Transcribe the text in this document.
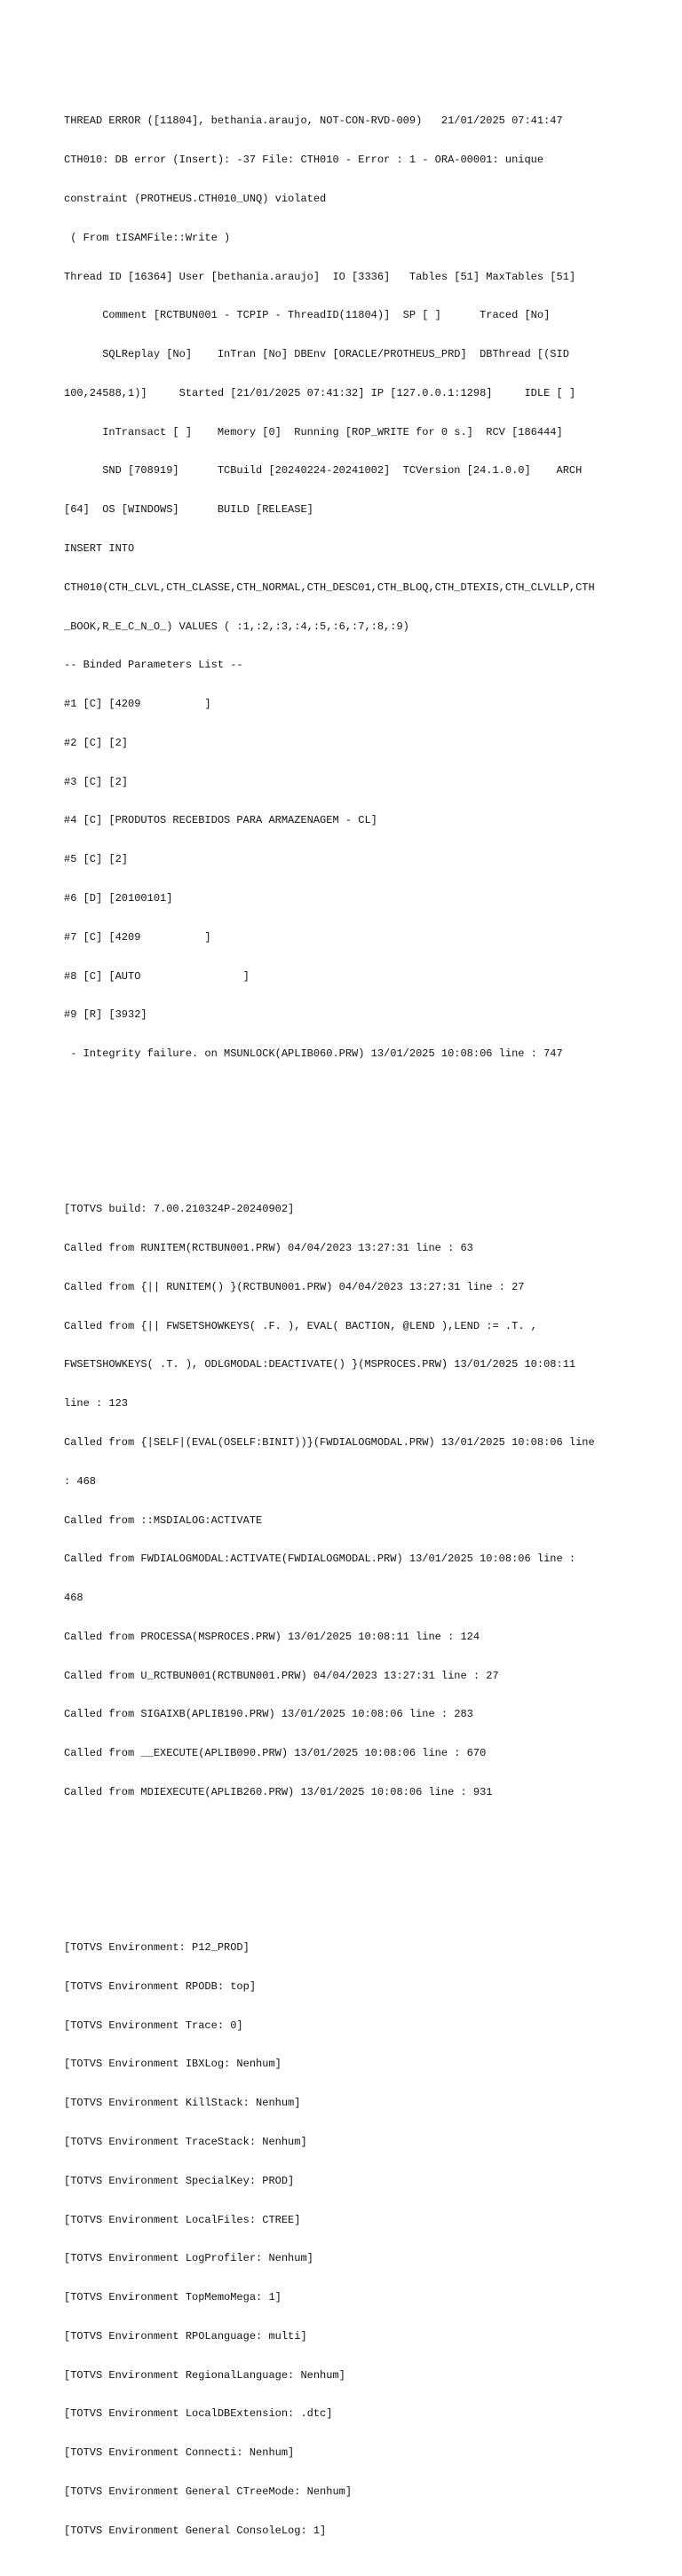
THREAD ERROR ([11804], bethania.araujo, NOT-CON-RVD-009)   21/01/2025 07:41:47

CTH010: DB error (Insert): -37 File: CTH010 - Error : 1 - ORA-00001: unique

constraint (PROTHEUS.CTH010_UNQ) violated

( From tISAMFile::Write )

Thread ID [16364] User [bethania.araujo]  IO [3336]   Tables [51] MaxTables [51]

Comment [RCTBUN001 - TCPIP - ThreadID(11804)]  SP [ ]      Traced [No]

SQLReplay [No]    InTran [No] DBEnv [ORACLE/PROTHEUS_PRD]  DBThread [(SID

100,24588,1)]     Started [21/01/2025 07:41:32] IP [127.0.0.1:1298]     IDLE [ ]

InTransact [ ]    Memory [0]  Running [ROP_WRITE for 0 s.]  RCV [186444]

SND [708919]      TCBuild [20240224-20241002]  TCVersion [24.1.0.0]    ARCH

[64]  OS [WINDOWS]      BUILD [RELEASE]

INSERT INTO

CTH010(CTH_CLVL,CTH_CLASSE,CTH_NORMAL,CTH_DESC01,CTH_BLOQ,CTH_DTEXIS,CTH_CLVLLP,CTH

_BOOK,R_E_C_N_O_) VALUES ( :1,:2,:3,:4,:5,:6,:7,:8,:9)

-- Binded Parameters List --

#1 [C] [4209          ]

#2 [C] [2]

#3 [C] [2]

#4 [C] [PRODUTOS RECEBIDOS PARA ARMAZENAGEM - CL]

#5 [C] [2]

#6 [D] [20100101]

#7 [C] [4209          ]

#8 [C] [AUTO                ]

#9 [R] [3932]

- Integrity failure. on MSUNLOCK(APLIB060.PRW) 13/01/2025 10:08:06 line : 747

[TOTVS build: 7.00.210324P-20240902]

Called from RUNITEM(RCTBUN001.PRW) 04/04/2023 13:27:31 line : 63

Called from {|| RUNITEM() }(RCTBUN001.PRW) 04/04/2023 13:27:31 line : 27

Called from {|| FWSETSHOWKEYS( .F. ), EVAL( BACTION, @LEND ),LEND := .T. ,

FWSETSHOWKEYS( .T. ), ODLGMODAL:DEACTIVATE() }(MSPROCES.PRW) 13/01/2025 10:08:11

line : 123

Called from {|SELF|(EVAL(OSELF:BINIT))}(FWDIALOGMODAL.PRW) 13/01/2025 10:08:06 line

: 468

Called from ::MSDIALOG:ACTIVATE

Called from FWDIALOGMODAL:ACTIVATE(FWDIALOGMODAL.PRW) 13/01/2025 10:08:06 line :

468

Called from PROCESSA(MSPROCES.PRW) 13/01/2025 10:08:11 line : 124

Called from U_RCTBUN001(RCTBUN001.PRW) 04/04/2023 13:27:31 line : 27

Called from SIGAIXB(APLIB190.PRW) 13/01/2025 10:08:06 line : 283

Called from __EXECUTE(APLIB090.PRW) 13/01/2025 10:08:06 line : 670

Called from MDIEXECUTE(APLIB260.PRW) 13/01/2025 10:08:06 line : 931

[TOTVS Environment: P12_PROD]

[TOTVS Environment RPODB: top]

[TOTVS Environment Trace: 0]

[TOTVS Environment IBXLog: Nenhum]

[TOTVS Environment KillStack: Nenhum]

[TOTVS Environment TraceStack: Nenhum]

[TOTVS Environment SpecialKey: PROD]

[TOTVS Environment LocalFiles: CTREE]

[TOTVS Environment LogProfiler: Nenhum]

[TOTVS Environment TopMemoMega: 1]

[TOTVS Environment RPOLanguage: multi]

[TOTVS Environment RegionalLanguage: Nenhum]

[TOTVS Environment LocalDBExtension: .dtc]

[TOTVS Environment Connecti: Nenhum]

[TOTVS Environment General CTreeMode: Nenhum]

[TOTVS Environment General ConsoleLog: 1]
